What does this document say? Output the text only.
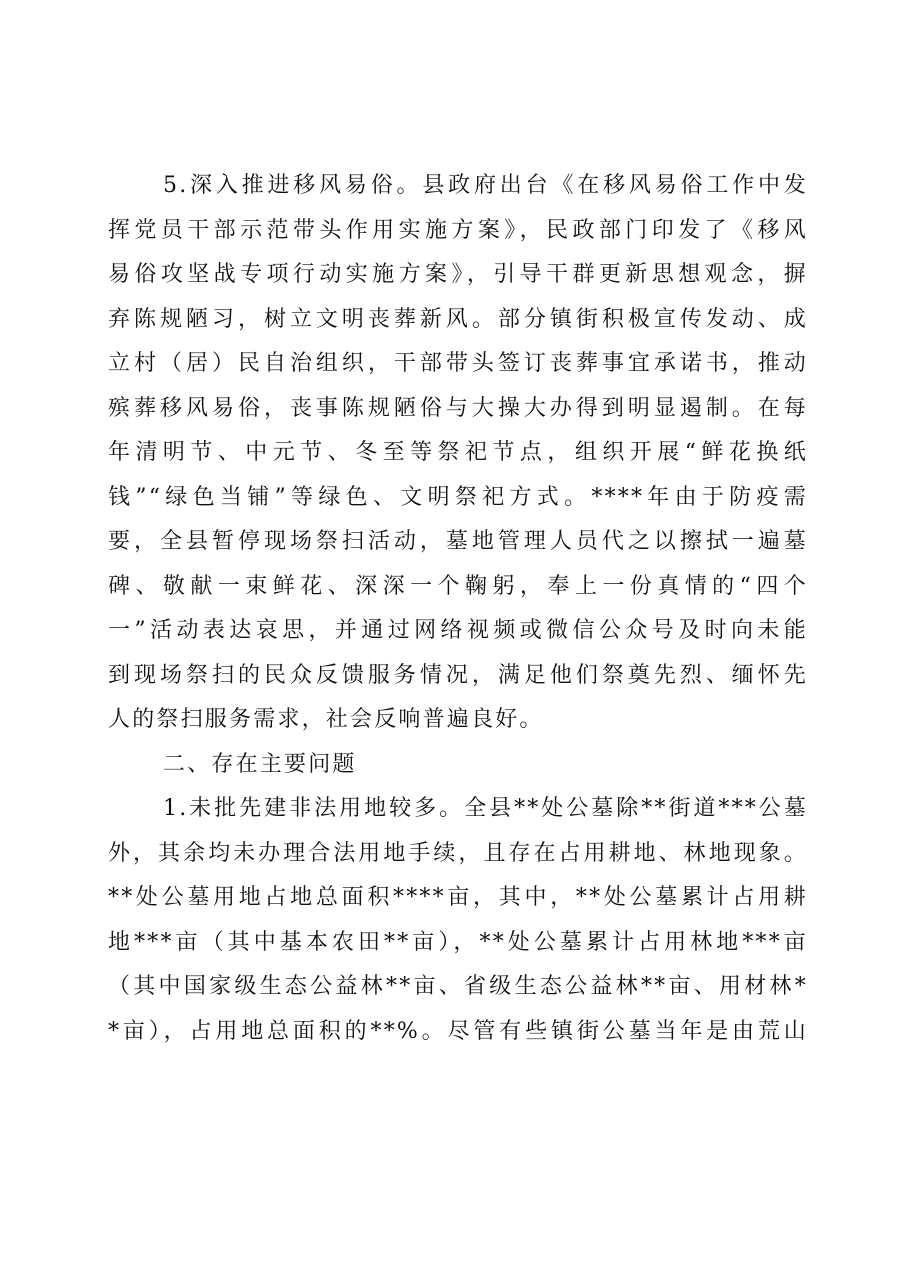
5.深入推进移风易俗。县政府出台《在移风易俗工作中发
挥党员干部示范带头作用实施方案》，民政部门印发了《移风
易俗攻坚战专项行动实施方案》，引导干群更新思想观念，摒
弃陈规陋习，树立文明丧葬新风。部分镇街积极宣传发动、成
立村（居）民自治组织，干部带头签订丧葬事宜承诺书，推动
殡葬移风易俗，丧事陈规陋俗与大操大办得到明显遏制。在每
年清明节、中元节、冬至等祭祀节点，组织开展“鲜花换纸
钱”“绿色当铺”等绿色、文明祭祀方式。****年由于防疫需
要，全县暂停现场祭扫活动，墓地管理人员代之以擦拭一遍墓
碑、敬献一束鲜花、深深一个鞠躬，奉上一份真情的“四个
一”活动表达哀思，并通过网络视频或微信公众号及时向未能
到现场祭扫的民众反馈服务情况，满足他们祭奠先烈、缅怀先
人的祭扫服务需求，社会反响普遍良好。
二、存在主要问题
1.未批先建非法用地较多。全县**处公墓除**街道***公墓
外，其余均未办理合法用地手续，且存在占用耕地、林地现象。
**处公墓用地占地总面积****亩，其中，**处公墓累计占用耕
地***亩（其中基本农田**亩），**处公墓累计占用林地***亩
（其中国家级生态公益林**亩、省级生态公益林**亩、用材林*
*亩），占用地总面积的**%。尽管有些镇街公墓当年是由荒山
